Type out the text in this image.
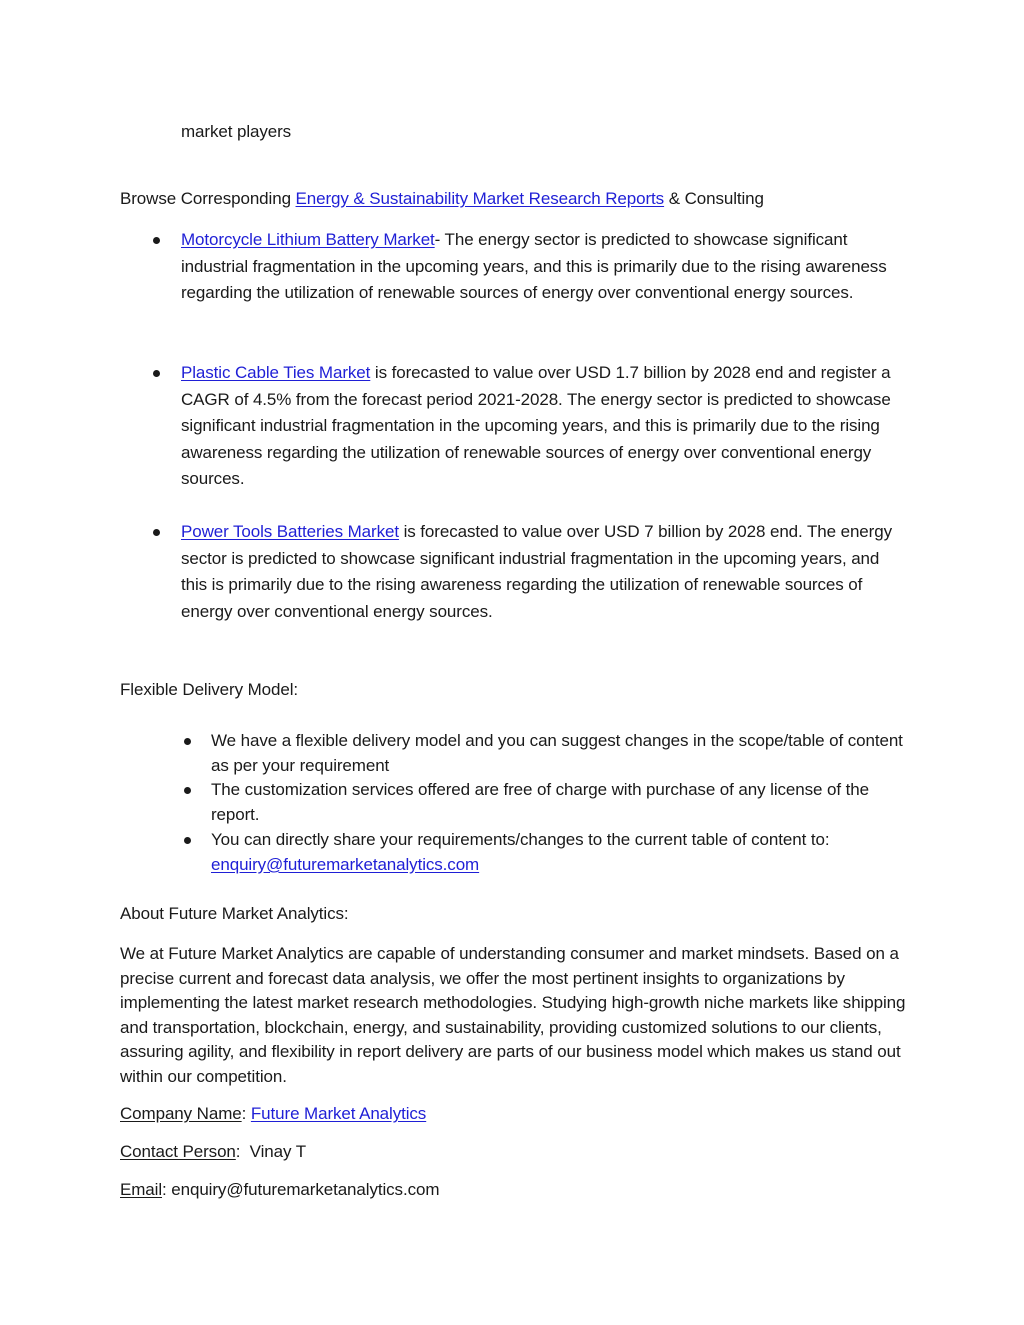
market players
Browse Corresponding Energy & Sustainability Market Research Reports & Consulting
Motorcycle Lithium Battery Market- The energy sector is predicted to showcase significant industrial fragmentation in the upcoming years, and this is primarily due to the rising awareness regarding the utilization of renewable sources of energy over conventional energy sources.
Plastic Cable Ties Market is forecasted to value over USD 1.7 billion by 2028 end and register a CAGR of 4.5% from the forecast period 2021-2028. The energy sector is predicted to showcase significant industrial fragmentation in the upcoming years, and this is primarily due to the rising awareness regarding the utilization of renewable sources of energy over conventional energy sources.
Power Tools Batteries Market is forecasted to value over USD 7 billion by 2028 end. The energy sector is predicted to showcase significant industrial fragmentation in the upcoming years, and this is primarily due to the rising awareness regarding the utilization of renewable sources of energy over conventional energy sources.
Flexible Delivery Model:
We have a flexible delivery model and you can suggest changes in the scope/table of content as per your requirement
The customization services offered are free of charge with purchase of any license of the report.
You can directly share your requirements/changes to the current table of content to: enquiry@futuremarketanalytics.com
About Future Market Analytics:
We at Future Market Analytics are capable of understanding consumer and market mindsets. Based on a precise current and forecast data analysis, we offer the most pertinent insights to organizations by implementing the latest market research methodologies. Studying high-growth niche markets like shipping and transportation, blockchain, energy, and sustainability, providing customized solutions to our clients, assuring agility, and flexibility in report delivery are parts of our business model which makes us stand out within our competition.
Company Name: Future Market Analytics
Contact Person:  Vinay T
Email: enquiry@futuremarketanalytics.com
